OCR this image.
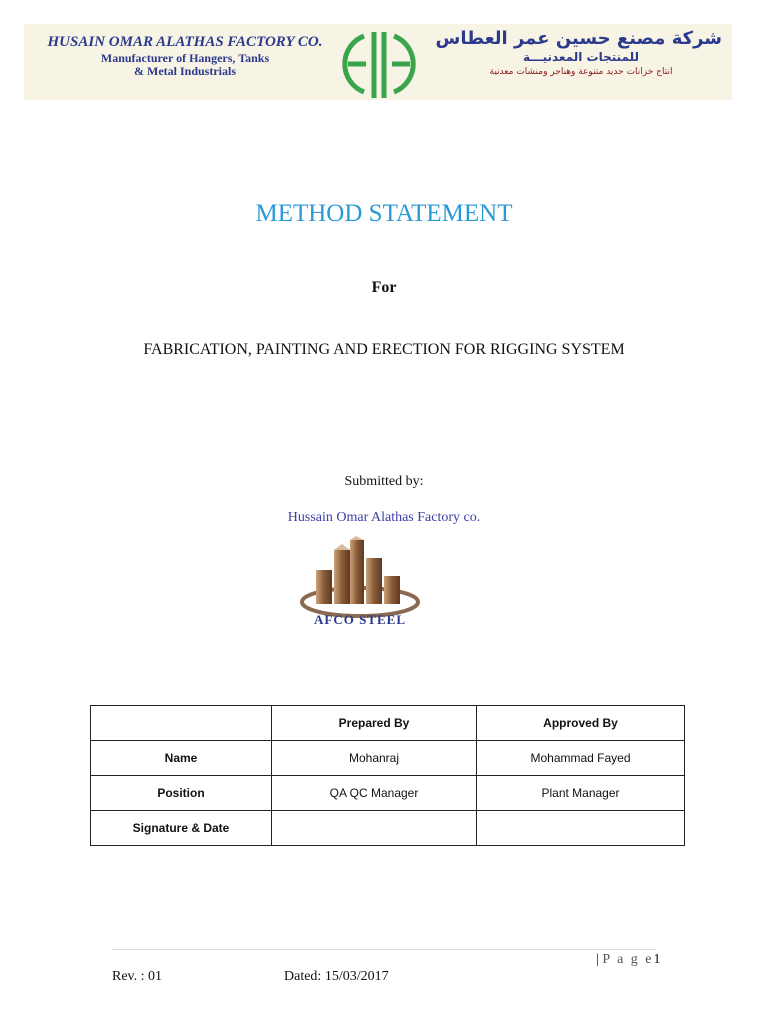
HUSAIN OMAR ALATHAS FACTORY CO.
Manufacturer of Hangers, Tanks
& Metal Industrials
شركة مصنع حسين عمر العطاس
للمنتجات المعدنيـــة
انتاج خزانات حديد متنوعة وهناجر ومنشات معدنية
METHOD STATEMENT
For
FABRICATION, PAINTING AND ERECTION FOR RIGGING SYSTEM
Submitted by:
Hussain Omar Alathas Factory co.
AFCO STEEL
	Prepared By	Approved By
Name	Mohanraj	Mohammad Fayed
Position	QA QC Manager	Plant Manager
Signature & Date		
| P a g e1
Rev. : 01	Dated: 15/03/2017
